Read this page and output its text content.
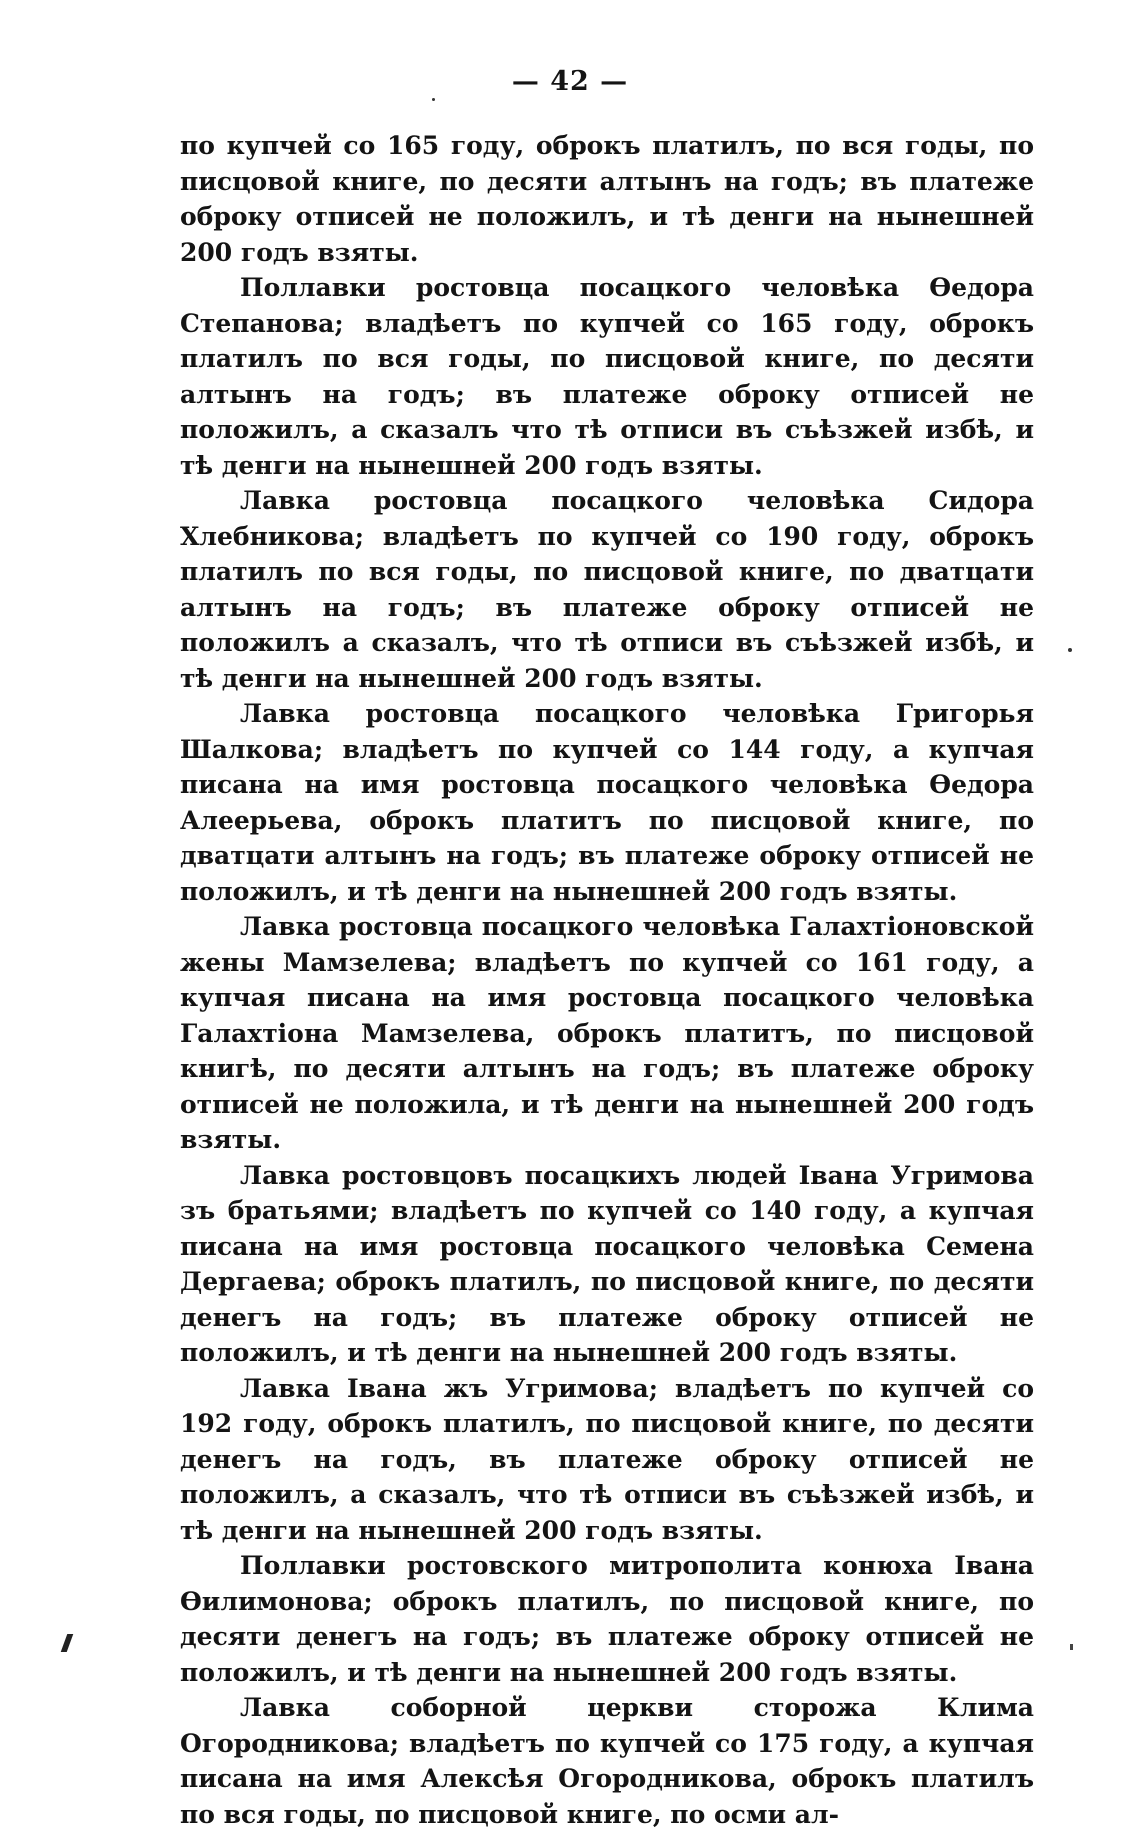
— 42 —

по купчей со 165 году, оброкъ платилъ, по вся годы, по писцовой книге, по десяти алтынъ на годъ; въ платеже оброку отписей не положилъ, и тѣ денги на нынешней 200 годъ взяты.

Поллавки ростовца посацкого человѣка Ѳедора Степанова; владѣетъ по купчей со 165 году, оброкъ платилъ по вся годы, по писцовой книге, по десяти алтынъ на годъ; въ платеже оброку отписей не положилъ, а сказалъ что тѣ отписи въ съѣзжей избѣ, и тѣ денги на нынешней 200 годъ взяты.

Лавка ростовца посацкого человѣка Сидора Хлебникова; владѣетъ по купчей со 190 году, оброкъ платилъ по вся годы, по писцовой книге, по дватцати алтынъ на годъ; въ платеже оброку отписей не положилъ а сказалъ, что тѣ отписи въ съѣзжей избѣ, и тѣ денги на нынешней 200 годъ взяты.

Лавка ростовца посацкого человѣка Григорья Шалкова; владѣетъ по купчей со 144 году, а купчая писана на имя ростовца посацкого человѣка Ѳедора Алеерьева, оброкъ платитъ по писцовой книге, по дватцати алтынъ на годъ; въ платеже оброку отписей не положилъ, и тѣ денги на нынешней 200 годъ взяты.

Лавка ростовца посацкого человѣка Галахтіоновской жены Мамзелева; владѣетъ по купчей со 161 году, а купчая писана на имя ростовца посацкого человѣка Галахтіона Мамзелева, оброкъ платитъ, по писцовой книгѣ, по десяти алтынъ на годъ; въ платеже оброку отписей не положила, и тѣ денги на нынешней 200 годъ взяты.

Лавка ростовцовъ посацкихъ людей Івана Угримова зъ братьями; владѣетъ по купчей со 140 году, а купчая писана на имя ростовца посацкого человѣка Семена Дергаева; оброкъ платилъ, по писцовой книге, по десяти денегъ на годъ; въ платеже оброку отписей не положилъ, и тѣ денги на нынешней 200 годъ взяты.

Лавка Івана жъ Угримова; владѣетъ по купчей со 192 году, оброкъ платилъ, по писцовой книге, по десяти денегъ на годъ, въ платеже оброку отписей не положилъ, а сказалъ, что тѣ отписи въ съѣзжей избѣ, и тѣ денги на нынешней 200 годъ взяты.

Поллавки ростовского митрополита конюха Івана Ѳилимонова; оброкъ платилъ, по писцовой книге, по десяти денегъ на годъ; въ платеже оброку отписей не положилъ, и тѣ денги на нынешней 200 годъ взяты.

Лавка соборной церкви сторожа Клима Огородникова; владѣетъ по купчей со 175 году, а купчая писана на имя Алексѣя Огородникова, оброкъ платилъ по вся годы, по писцовой книге, по осми ал-
